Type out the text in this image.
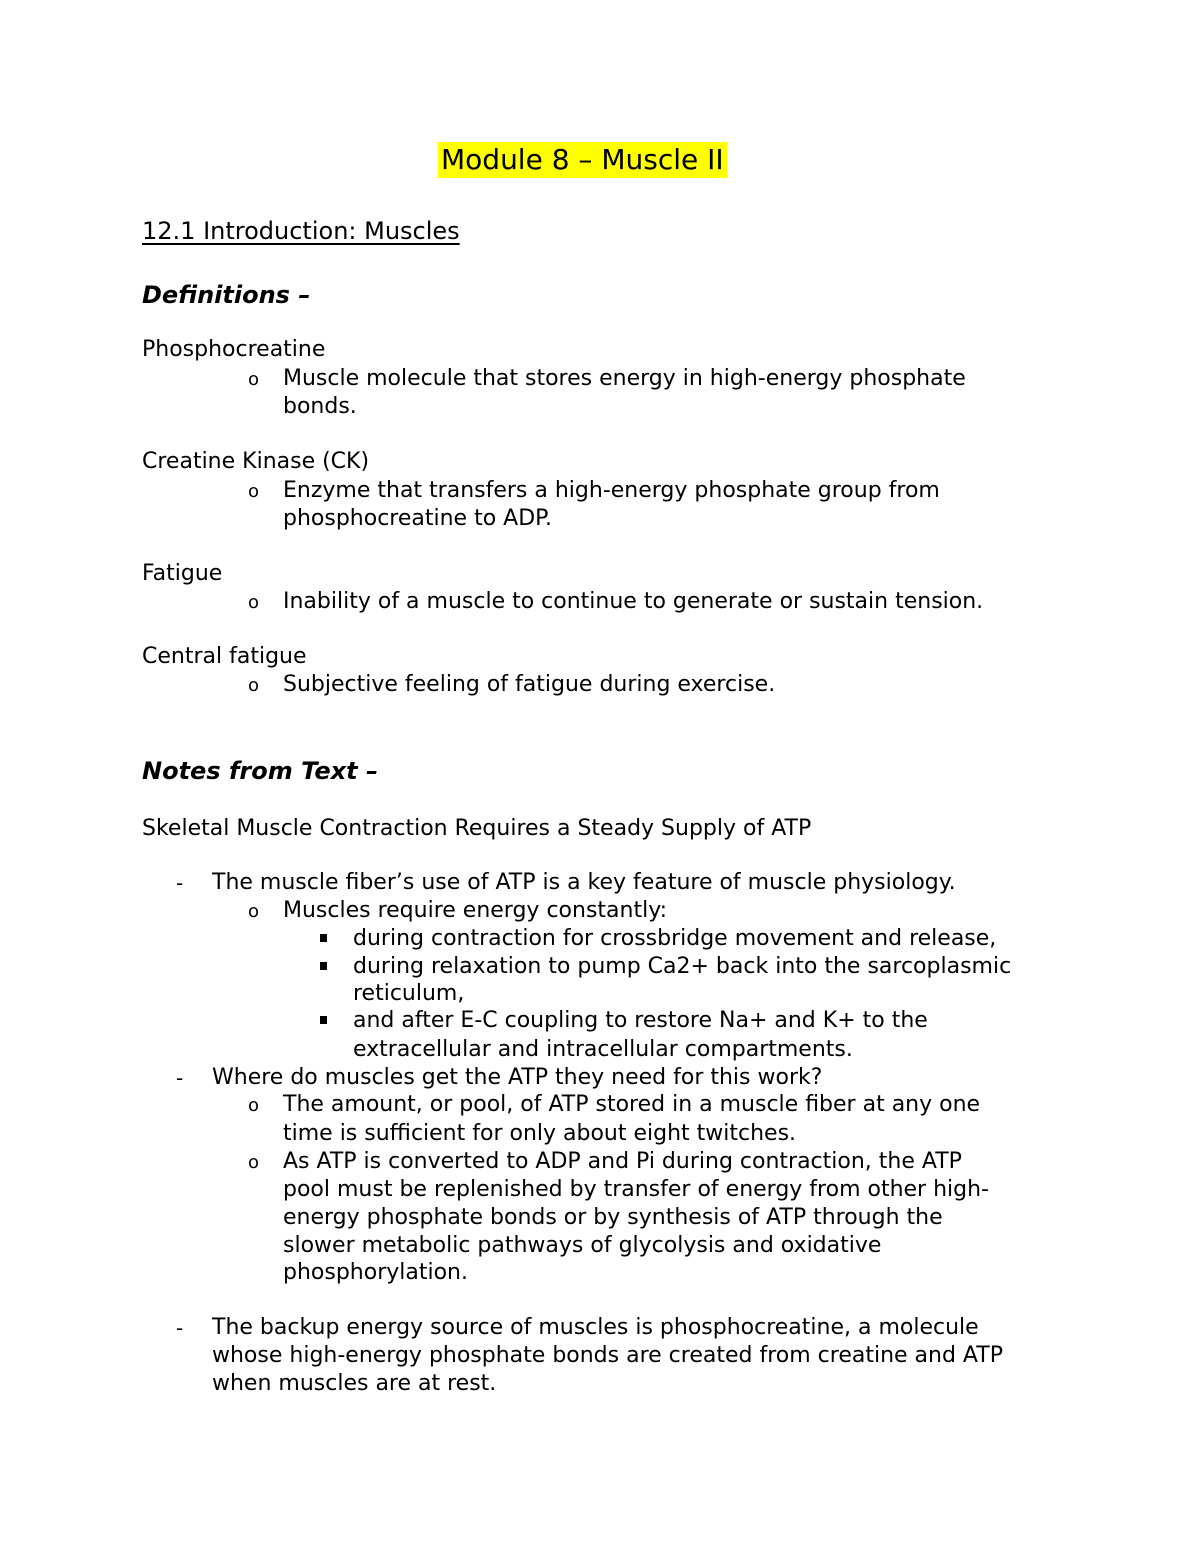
Module 8 – Muscle II
12.1 Introduction: Muscles
Definitions –
Phosphocreatine
o Muscle molecule that stores energy in high-energy phosphate
bonds.
Creatine Kinase (CK)
o Enzyme that transfers a high-energy phosphate group from
phosphocreatine to ADP.
Fatigue
o Inability of a muscle to continue to generate or sustain tension.
Central fatigue
o Subjective feeling of fatigue during exercise.
Notes from Text –
Skeletal Muscle Contraction Requires a Steady Supply of ATP
- The muscle fiber’s use of ATP is a key feature of muscle physiology.
o Muscles require energy constantly:
during contraction for crossbridge movement and release,
during relaxation to pump Ca2+ back into the sarcoplasmic
reticulum,
and after E-C coupling to restore Na+ and K+ to the
extracellular and intracellular compartments.
- Where do muscles get the ATP they need for this work?
o The amount, or pool, of ATP stored in a muscle fiber at any one
time is sufficient for only about eight twitches.
o As ATP is converted to ADP and Pi during contraction, the ATP
pool must be replenished by transfer of energy from other high-
energy phosphate bonds or by synthesis of ATP through the
slower metabolic pathways of glycolysis and oxidative
phosphorylation.
- The backup energy source of muscles is phosphocreatine, a molecule
whose high-energy phosphate bonds are created from creatine and ATP
when muscles are at rest.
